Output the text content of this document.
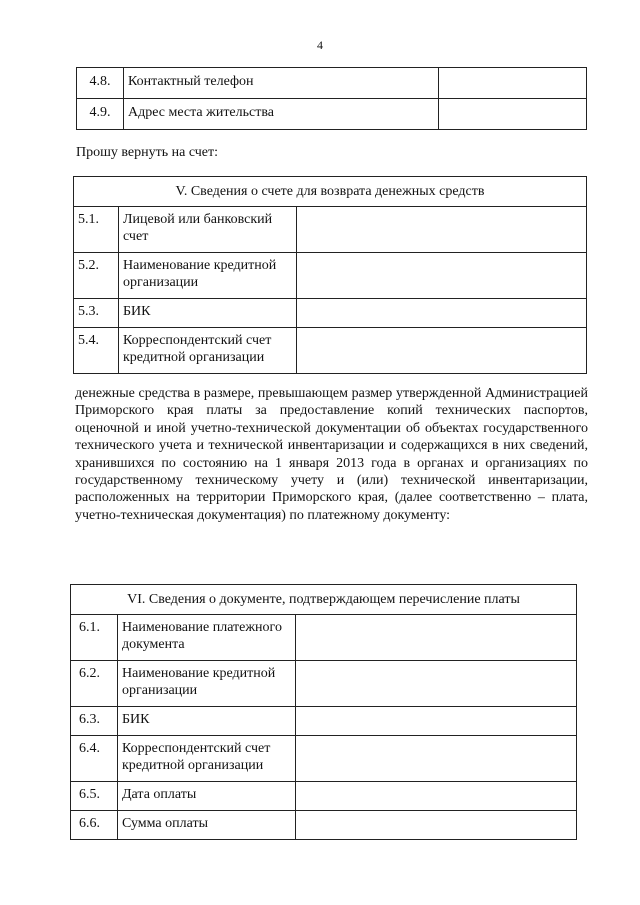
4
4.8.	Контактный телефон	
4.9.	Адрес места жительства	
Прошу вернуть на счет:
V. Сведения о счете для возврата денежных средств		
5.1.	Лицевой или банковский счет	
5.2.	Наименование кредитной организации	
5.3.	БИК	
5.4.	Корреспондентский счет кредитной организации	
денежные средства в размере, превышающем размер утвержденной Администрацией Приморского края платы за предоставление копий технических паспортов, оценочной и иной учетно-технической документации об объектах государственного технического учета и технической инвентаризации и содержащихся в них сведений, хранившихся по состоянию на 1 января 2013 года в органах и организациях по государственному техническому учету и (или) технической инвентаризации, расположенных на территории Приморского края, (далее соответственно – плата, учетно-техническая документация) по платежному документу:
VI. Сведения о документе, подтверждающем перечисление платы		
6.1.	Наименование платежного документа	
6.2.	Наименование кредитной организации	
6.3.	БИК	
6.4.	Корреспондентский счет кредитной организации	
6.5.	Дата оплаты	
6.6.	Сумма оплаты	
